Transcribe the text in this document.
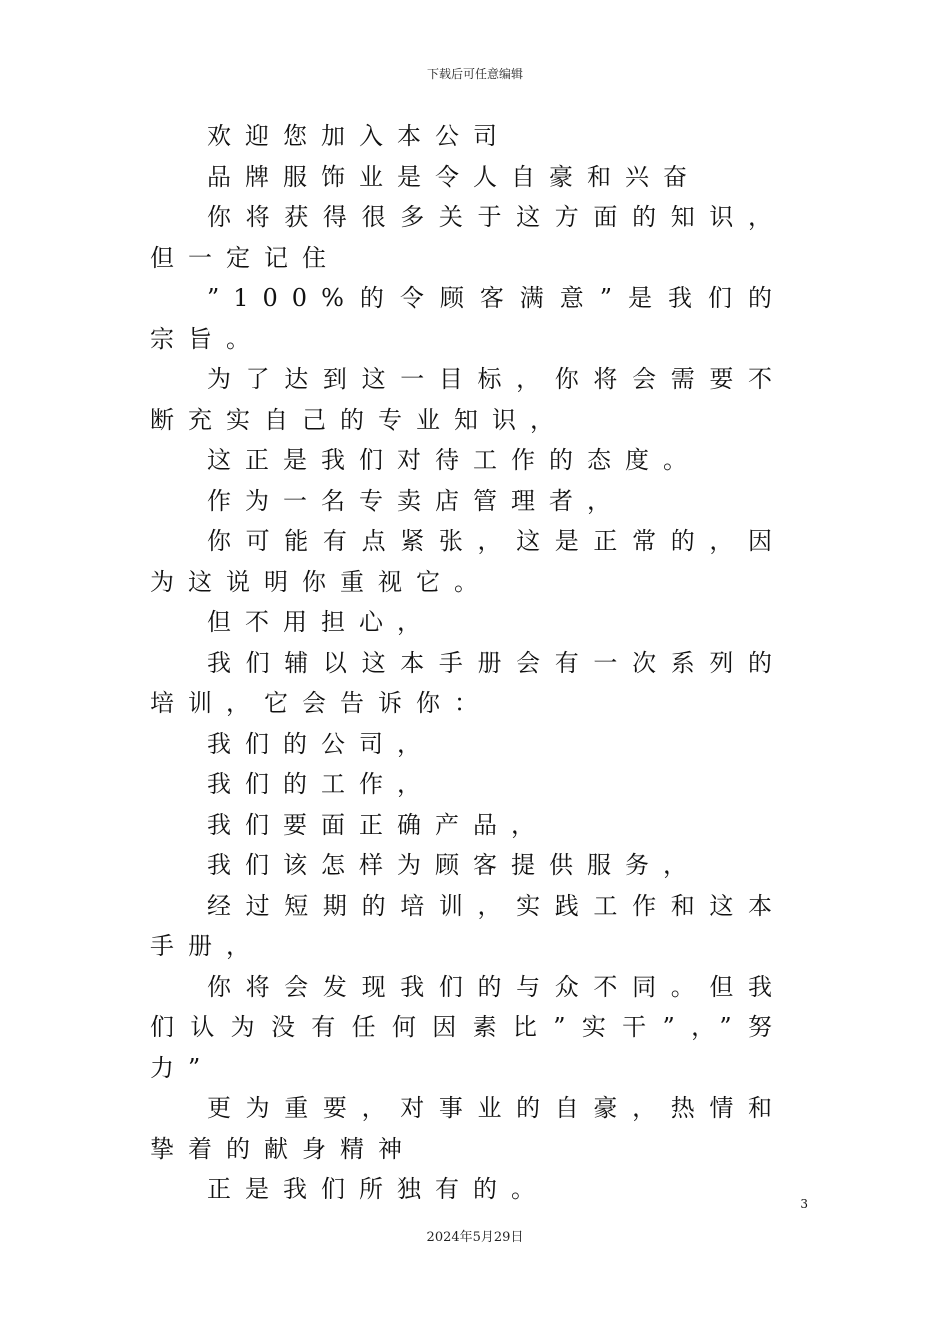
下载后可任意编辑

欢迎您加入本公司

品牌服饰业是令人自豪和兴奋

你将获得很多关于这方面的知识，但一定记住

”100%的令顾客满意”是我们的宗旨。

为了达到这一目标，你将会需要不断充实自己的专业知识，

这正是我们对待工作的态度。

作为一名专卖店管理者，

你可能有点紧张，这是正常的，因为这说明你重视它。

但不用担心，

我们辅以这本手册会有一次系列的培训，它会告诉你：

我们的公司，

我们的工作，

我们要面正确产品，

我们该怎样为顾客提供服务，

经过短期的培训，实践工作和这本手册，

你将会发现我们的与众不同。但我们认为没有任何因素比”实干”，”努力”

更为重要，对事业的自豪，热情和挚着的献身精神

正是我们所独有的。

3
2024年5月29日
